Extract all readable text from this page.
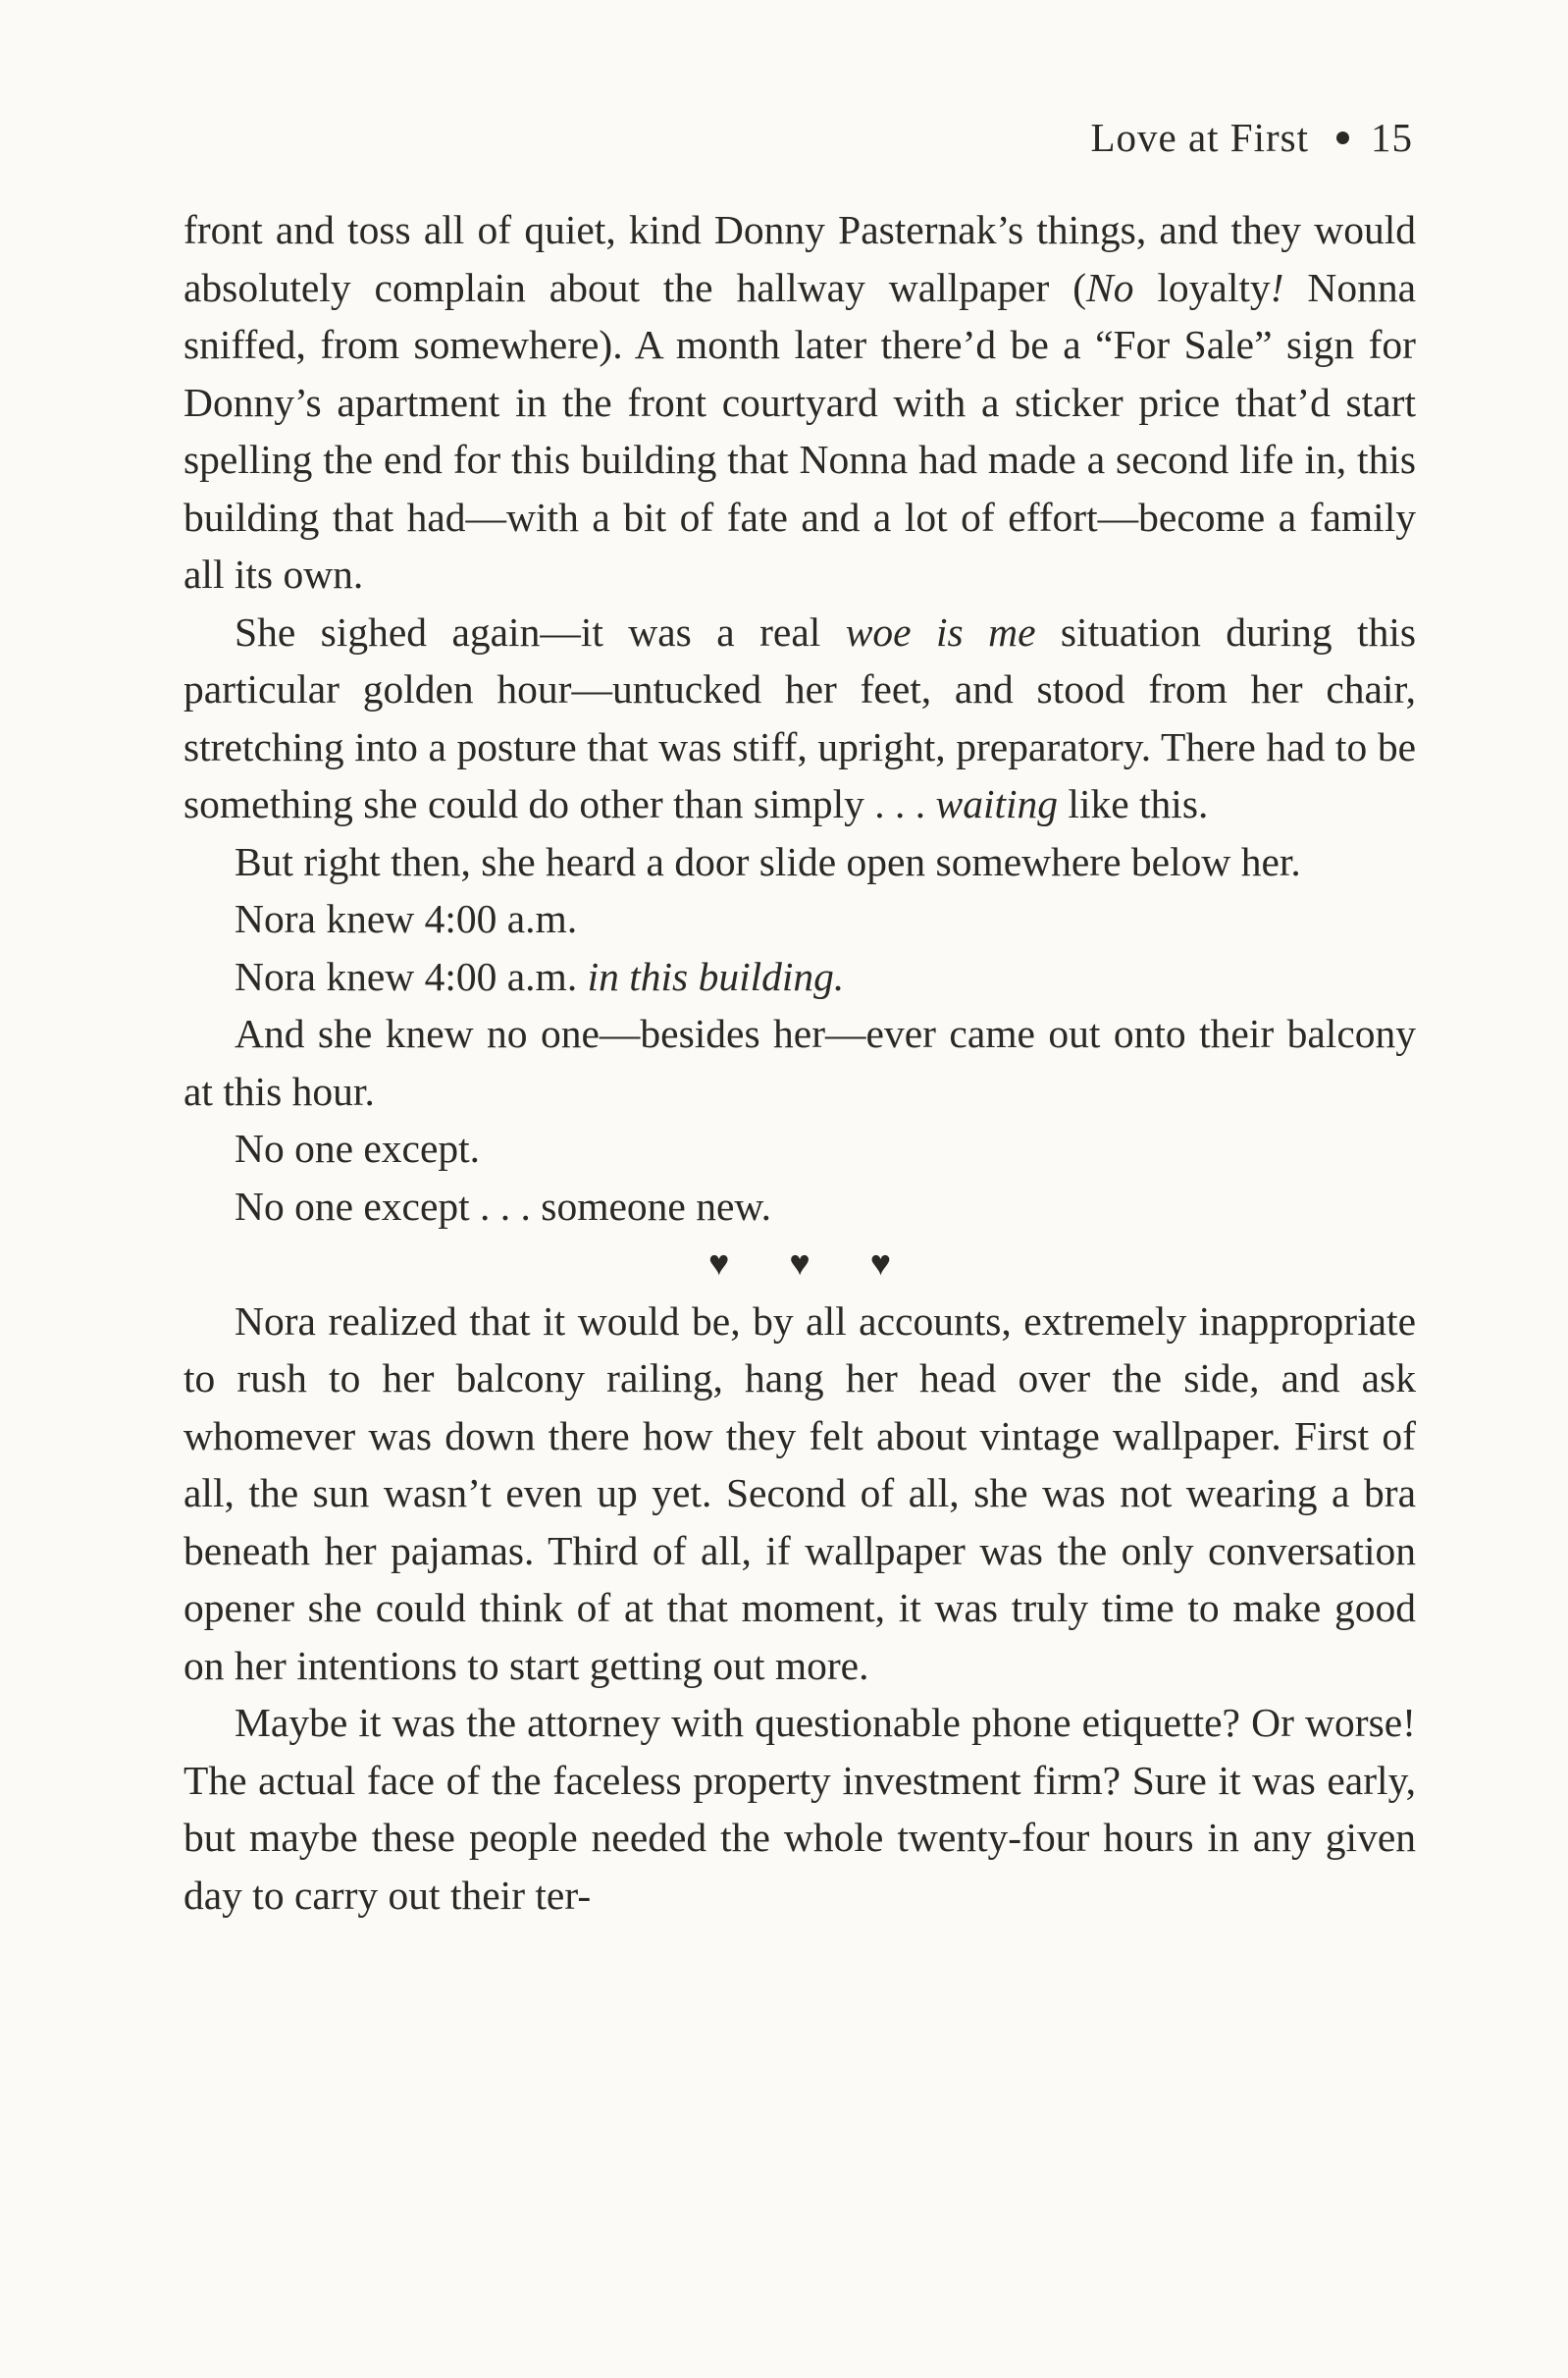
Love at First 15

front and toss all of quiet, kind Donny Pasternak’s things, and they would absolutely complain about the hallway wallpaper (No loyalty! Nonna sniffed, from somewhere). A month later there’d be a “For Sale” sign for Donny’s apartment in the front courtyard with a sticker price that’d start spelling the end for this building that Nonna had made a second life in, this building that had—with a bit of fate and a lot of effort—become a family all its own.

She sighed again—it was a real woe is me situation during this particular golden hour—untucked her feet, and stood from her chair, stretching into a posture that was stiff, upright, preparatory. There had to be something she could do other than simply . . . waiting like this.

But right then, she heard a door slide open somewhere below her.

Nora knew 4:00 a.m.

Nora knew 4:00 a.m. in this building.

And she knew no one—besides her—ever came out onto their balcony at this hour.

No one except.

No one except . . . someone new.

♥ ♥ ♥

Nora realized that it would be, by all accounts, extremely inappropriate to rush to her balcony railing, hang her head over the side, and ask whomever was down there how they felt about vintage wallpaper. First of all, the sun wasn’t even up yet. Second of all, she was not wearing a bra beneath her pajamas. Third of all, if wallpaper was the only conversation opener she could think of at that moment, it was truly time to make good on her intentions to start getting out more.

Maybe it was the attorney with questionable phone etiquette? Or worse! The actual face of the faceless property investment firm? Sure it was early, but maybe these people needed the whole twenty-four hours in any given day to carry out their ter-
